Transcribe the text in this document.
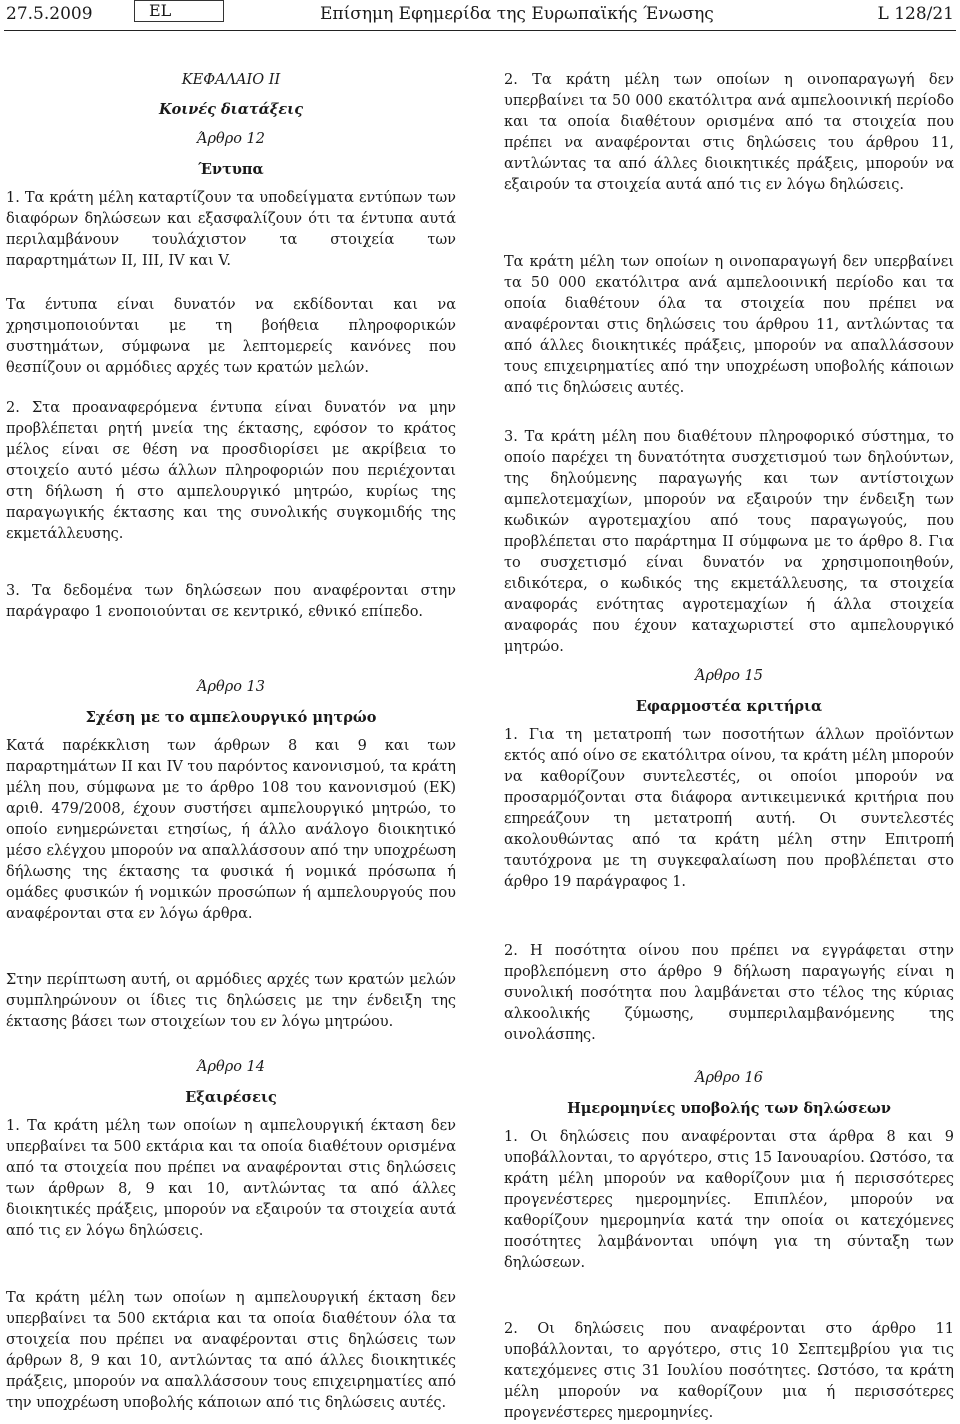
27.5.2009	EL	Επίσημη Εφημερίδα της Ευρωπαϊκής Ένωσης	L 128/21

ΚΕΦΑΛΑΙΟ II

Κοινές διατάξεις

Άρθρο 12

Έντυπα

1. Τα κράτη μέλη καταρτίζουν τα υποδείγματα εντύπων των διαφόρων δηλώσεων και εξασφαλίζουν ότι τα έντυπα αυτά περιλαμβάνουν τουλάχιστον τα στοιχεία των παραρτημάτων II, III, IV και V.

Τα έντυπα είναι δυνατόν να εκδίδονται και να χρησιμοποιούνται με τη βοήθεια πληροφορικών συστημάτων, σύμφωνα με λεπτομερείς κανόνες που θεσπίζουν οι αρμόδιες αρχές των κρατών μελών.

2. Τα κράτη μέλη των οποίων η οινοπαραγωγή δεν υπερβαίνει τα 50 000 εκατόλιτρα ανά αμπελοοινική περίοδο και τα οποία διαθέτουν ορισμένα από τα στοιχεία που πρέπει να αναφέρονται στις δηλώσεις του άρθρου 11, αντλώντας τα από άλλες διοικητικές πράξεις, μπορούν να εξαιρούν τα στοιχεία αυτά από τις εν λόγω δηλώσεις.

Τα κράτη μέλη των οποίων η οινοπαραγωγή δεν υπερβαίνει τα 50 000 εκατόλιτρα ανά αμπελοοινική περίοδο και τα οποία διαθέτουν όλα τα στοιχεία που πρέπει να αναφέρονται στις δηλώσεις του άρθρου 11, αντλώντας τα από άλλες διοικητικές πράξεις, μπορούν να απαλλάσσουν τους επιχειρηματίες από την υποχρέωση υποβολής κάποιων από τις δηλώσεις αυτές.

2. Στα προαναφερόμενα έντυπα είναι δυνατόν να μην προβλέπεται ρητή μνεία της έκτασης, εφόσον το κράτος μέλος είναι σε θέση να προσδιορίσει με ακρίβεια το στοιχείο αυτό μέσω άλλων πληροφοριών που περιέχονται στη δήλωση ή στο αμπελουργικό μητρώο, κυρίως της παραγωγικής έκτασης και της συνολικής συγκομιδής της εκμετάλλευσης.

3. Τα δεδομένα των δηλώσεων που αναφέρονται στην παράγραφο 1 ενοποιούνται σε κεντρικό, εθνικό επίπεδο.

3. Τα κράτη μέλη που διαθέτουν πληροφορικό σύστημα, το οποίο παρέχει τη δυνατότητα συσχετισμού των δηλούντων, της δηλούμενης παραγωγής και των αντίστοιχων αμπελοτεμαχίων, μπορούν να εξαιρούν την ένδειξη των κωδικών αγροτεμαχίου από τους παραγωγούς, που προβλέπεται στο παράρτημα II σύμφωνα με το άρθρο 8. Για το συσχετισμό είναι δυνατόν να χρησιμοποιηθούν, ειδικότερα, ο κωδικός της εκμετάλλευσης, τα στοιχεία αναφοράς ενότητας αγροτεμαχίων ή άλλα στοιχεία αναφοράς που έχουν καταχωριστεί στο αμπελουργικό μητρώο.

Άρθρο 13

Σχέση με το αμπελουργικό μητρώο

Κατά παρέκκλιση των άρθρων 8 και 9 και των παραρτημάτων II και IV του παρόντος κανονισμού, τα κράτη μέλη που, σύμφωνα με το άρθρο 108 του κανονισμού (ΕΚ) αριθ. 479/2008, έχουν συστήσει αμπελουργικό μητρώο, το οποίο ενημερώνεται ετησίως, ή άλλο ανάλογο διοικητικό μέσο ελέγχου μπορούν να απαλλάσσουν από την υποχρέωση δήλωσης της έκτασης τα φυσικά ή νομικά πρόσωπα ή ομάδες φυσικών ή νομικών προσώπων ή αμπελουργούς που αναφέρονται στα εν λόγω άρθρα.

Στην περίπτωση αυτή, οι αρμόδιες αρχές των κρατών μελών συμπληρώνουν οι ίδιες τις δηλώσεις με την ένδειξη της έκτασης βάσει των στοιχείων του εν λόγω μητρώου.

Άρθρο 15

Εφαρμοστέα κριτήρια

1. Για τη μετατροπή των ποσοτήτων άλλων προϊόντων εκτός από οίνο σε εκατόλιτρα οίνου, τα κράτη μέλη μπορούν να καθορίζουν συντελεστές, οι οποίοι μπορούν να προσαρμόζονται στα διάφορα αντικειμενικά κριτήρια που επηρεάζουν τη μετατροπή αυτή. Οι συντελεστές ακολουθώντας από τα κράτη μέλη στην Επιτροπή ταυτόχρονα με τη συγκεφαλαίωση που προβλέπεται στο άρθρο 19 παράγραφος 1.

2. Η ποσότητα οίνου που πρέπει να εγγράφεται στην προβλεπόμενη στο άρθρο 9 δήλωση παραγωγής είναι η συνολική ποσότητα που λαμβάνεται στο τέλος της κύριας αλκοολικής ζύμωσης, συμπεριλαμβανόμενης της οινολάσπης.

Άρθρο 14

Εξαιρέσεις

1. Τα κράτη μέλη των οποίων η αμπελουργική έκταση δεν υπερβαίνει τα 500 εκτάρια και τα οποία διαθέτουν ορισμένα από τα στοιχεία που πρέπει να αναφέρονται στις δηλώσεις των άρθρων 8, 9 και 10, αντλώντας τα από άλλες διοικητικές πράξεις, μπορούν να εξαιρούν τα στοιχεία αυτά από τις εν λόγω δηλώσεις.

Τα κράτη μέλη των οποίων η αμπελουργική έκταση δεν υπερβαίνει τα 500 εκτάρια και τα οποία διαθέτουν όλα τα στοιχεία που πρέπει να αναφέρονται στις δηλώσεις των άρθρων 8, 9 και 10, αντλώντας τα από άλλες διοικητικές πράξεις, μπορούν να απαλλάσσουν τους επιχειρηματίες από την υποχρέωση υποβολής κάποιων από τις δηλώσεις αυτές.

Άρθρο 16

Ημερομηνίες υποβολής των δηλώσεων

1. Οι δηλώσεις που αναφέρονται στα άρθρα 8 και 9 υποβάλλονται, το αργότερο, στις 15 Ιανουαρίου. Ωστόσο, τα κράτη μέλη μπορούν να καθορίζουν μια ή περισσότερες προγενέστερες ημερομηνίες. Επιπλέον, μπορούν να καθορίζουν ημερομηνία κατά την οποία οι κατεχόμενες ποσότητες λαμβάνονται υπόψη για τη σύνταξη των δηλώσεων.

2. Οι δηλώσεις που αναφέρονται στο άρθρο 11 υποβάλλονται, το αργότερο, στις 10 Σεπτεμβρίου για τις κατεχόμενες στις 31 Ιουλίου ποσότητες. Ωστόσο, τα κράτη μέλη μπορούν να καθορίζουν μια ή περισσότερες προγενέστερες ημερομηνίες.
